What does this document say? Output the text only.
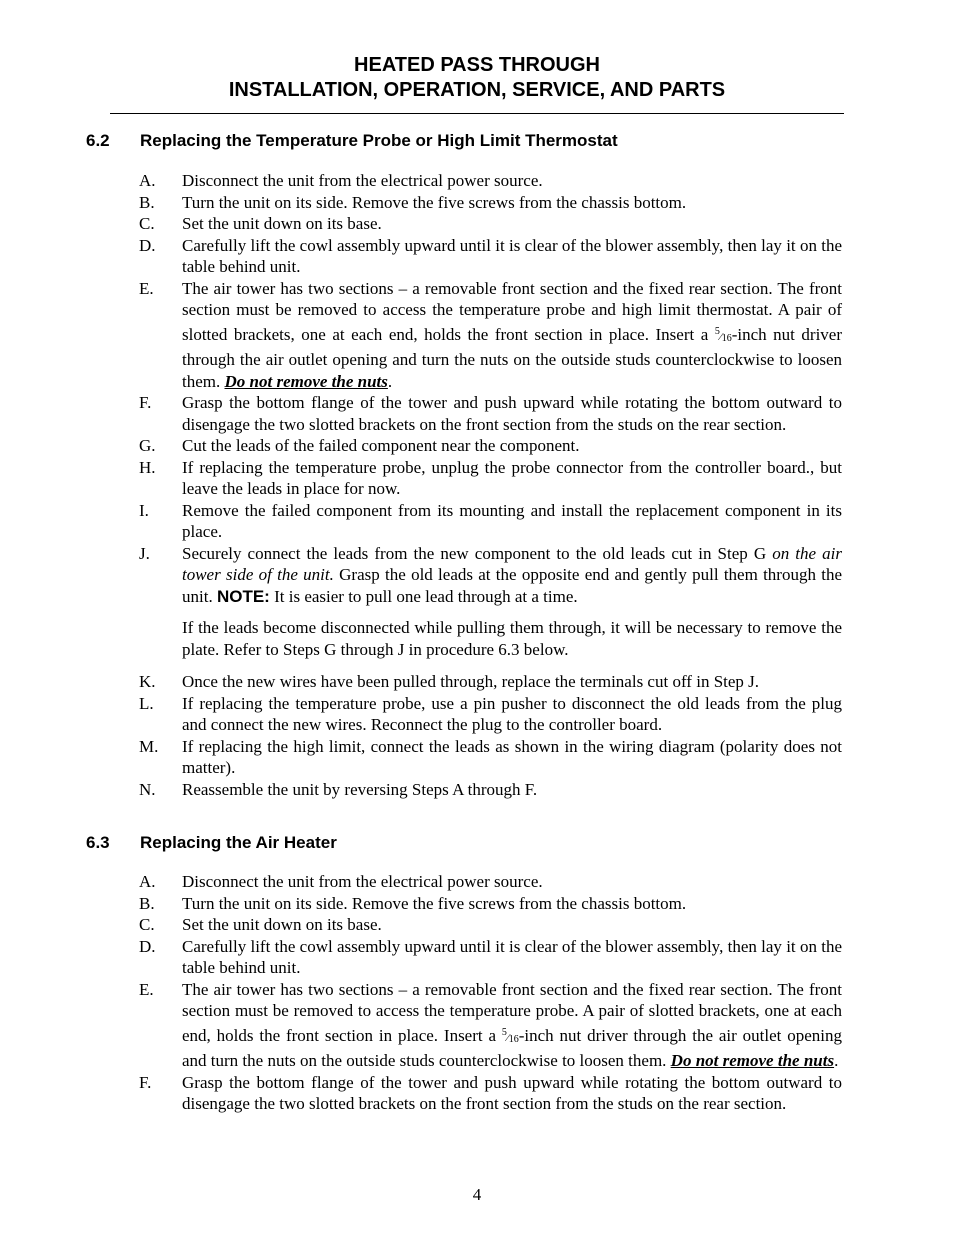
HEATED PASS THROUGH
INSTALLATION, OPERATION, SERVICE, AND PARTS
6.2 Replacing the Temperature Probe or High Limit Thermostat
A. Disconnect the unit from the electrical power source.
B. Turn the unit on its side. Remove the five screws from the chassis bottom.
C. Set the unit down on its base.
D. Carefully lift the cowl assembly upward until it is clear of the blower assembly, then lay it on the table behind unit.
E. The air tower has two sections – a removable front section and the fixed rear section. The front section must be removed to access the temperature probe and high limit thermostat. A pair of slotted brackets, one at each end, holds the front section in place. Insert a $^5⁄_{16}$-inch nut driver through the air outlet opening and turn the nuts on the outside studs counterclockwise to loosen them. Do not remove the nuts.
F. Grasp the bottom flange of the tower and push upward while rotating the bottom outward to disengage the two slotted brackets on the front section from the studs on the rear section.
G. Cut the leads of the failed component near the component.
H. If replacing the temperature probe, unplug the probe connector from the controller board., but leave the leads in place for now.
I. Remove the failed component from its mounting and install the replacement component in its place.
J. Securely connect the leads from the new component to the old leads cut in Step G on the air tower side of the unit. Grasp the old leads at the opposite end and gently pull them through the unit. NOTE: It is easier to pull one lead through at a time.
If the leads become disconnected while pulling them through, it will be necessary to remove the plate. Refer to Steps G through J in procedure 6.3 below.
K. Once the new wires have been pulled through, replace the terminals cut off in Step J.
L. If replacing the temperature probe, use a pin pusher to disconnect the old leads from the plug and connect the new wires. Reconnect the plug to the controller board.
M. If replacing the high limit, connect the leads as shown in the wiring diagram (polarity does not matter).
N. Reassemble the unit by reversing Steps A through F.
6.3 Replacing the Air Heater
A. Disconnect the unit from the electrical power source.
B. Turn the unit on its side. Remove the five screws from the chassis bottom.
C. Set the unit down on its base.
D. Carefully lift the cowl assembly upward until it is clear of the blower assembly, then lay it on the table behind unit.
E. The air tower has two sections – a removable front section and the fixed rear section. The front section must be removed to access the temperature probe. A pair of slotted brackets, one at each end, holds the front section in place. Insert a $^5⁄_{16}$-inch nut driver through the air outlet opening and turn the nuts on the outside studs counterclockwise to loosen them. Do not remove the nuts.
F. Grasp the bottom flange of the tower and push upward while rotating the bottom outward to disengage the two slotted brackets on the front section from the studs on the rear section.
4
